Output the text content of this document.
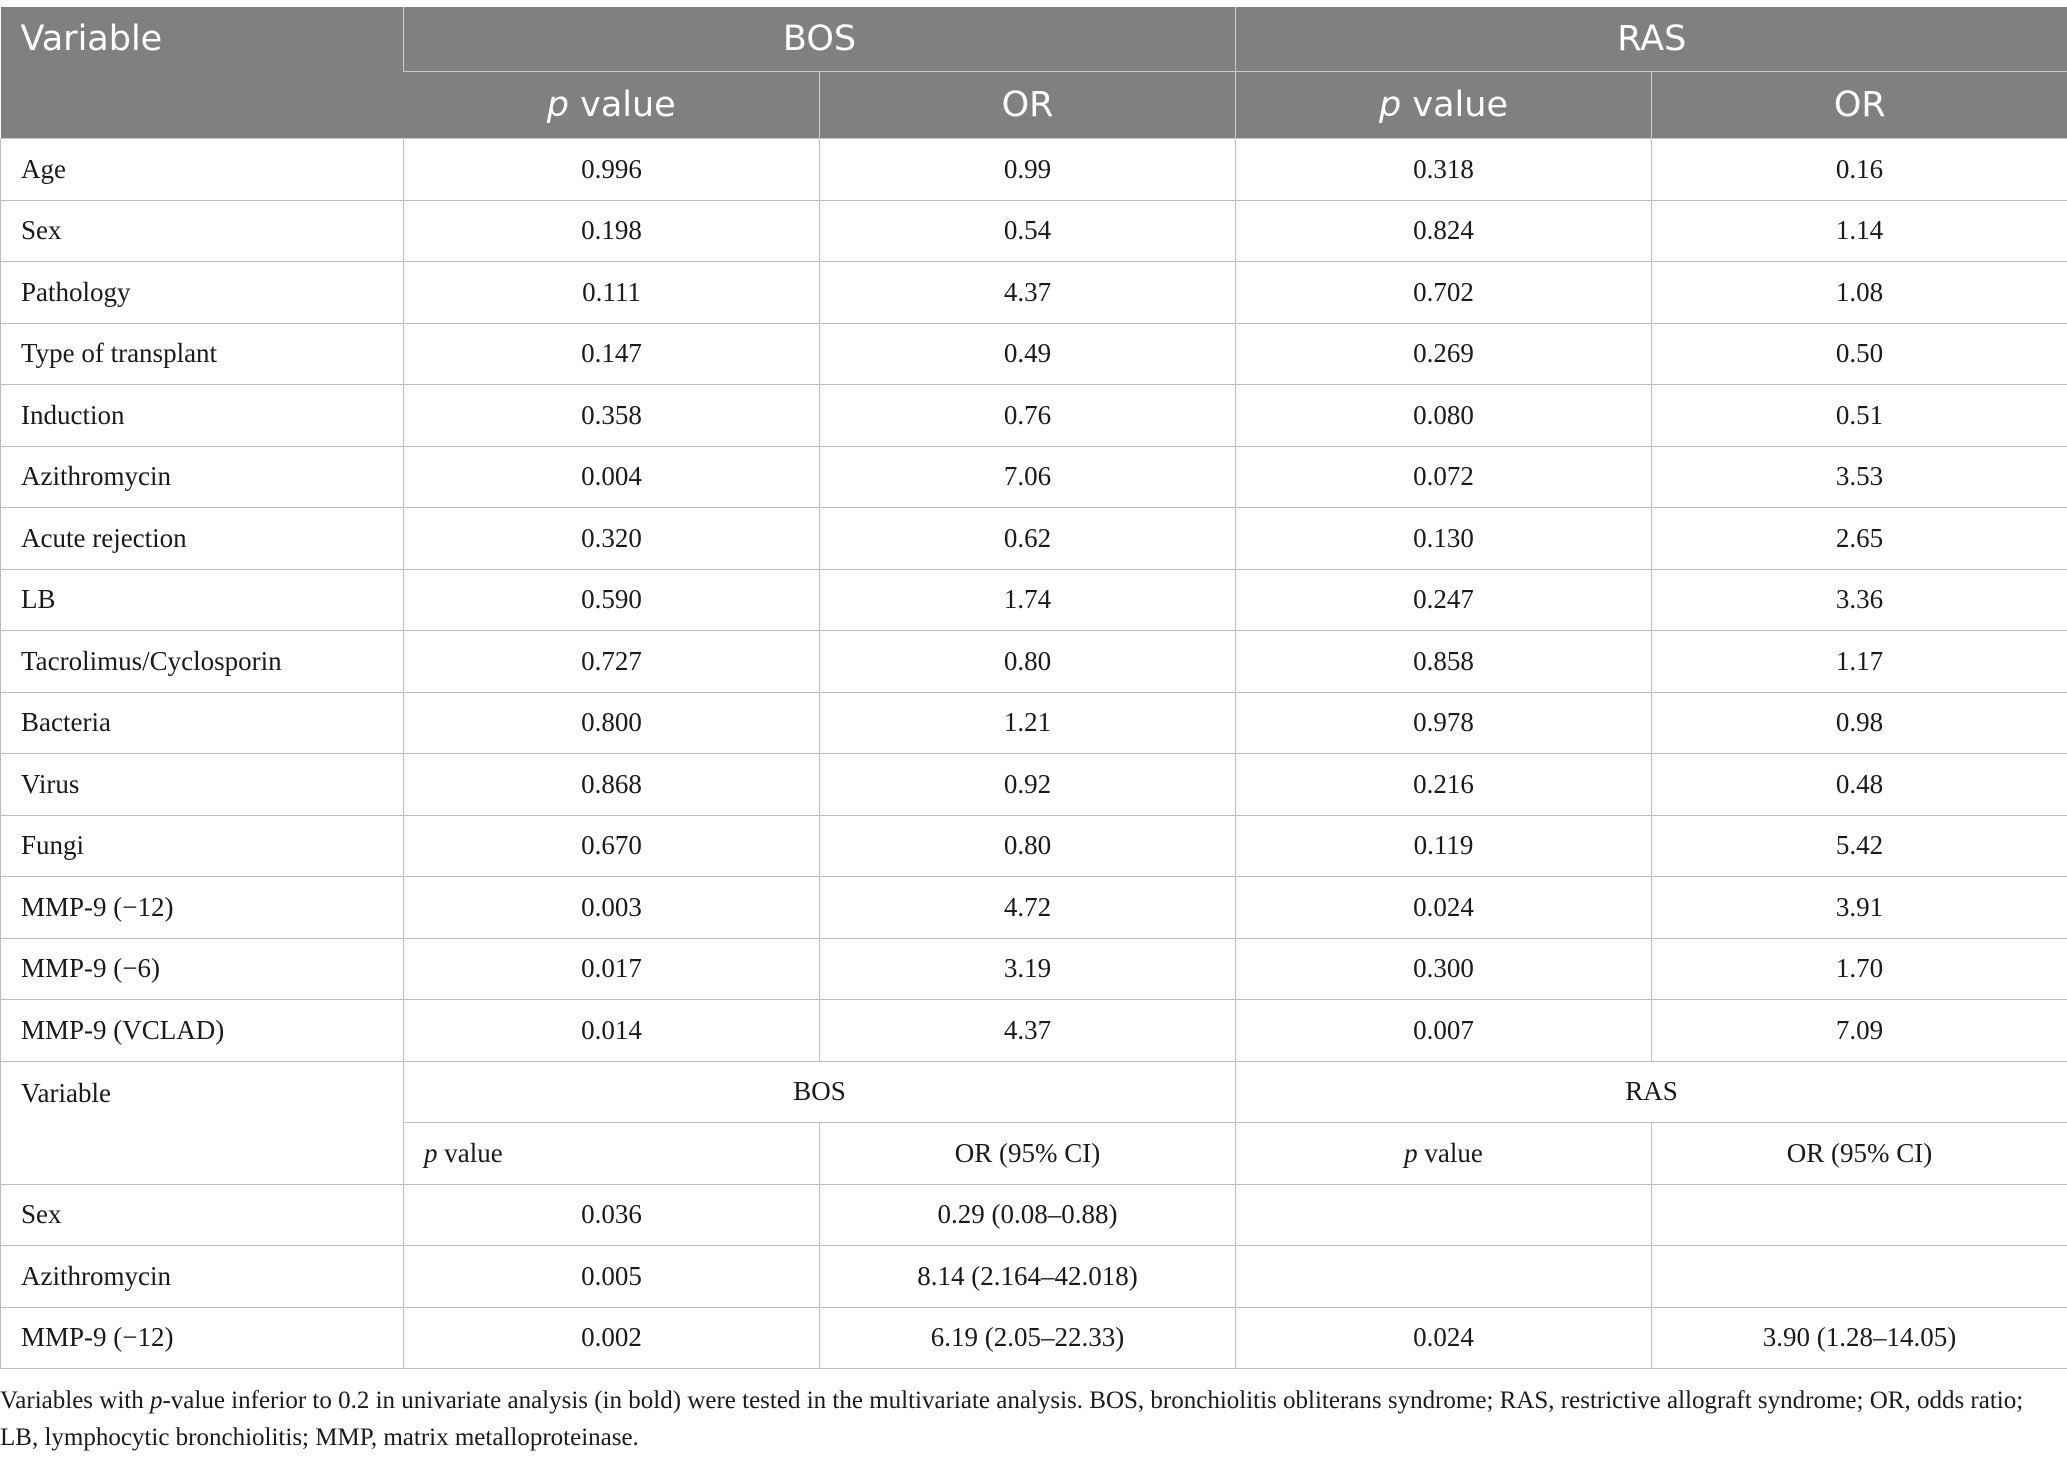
Variable	BOS		RAS	
	p value	OR	p value	OR
Age	0.996	0.99	0.318	0.16
Sex	0.198	0.54	0.824	1.14
Pathology	0.111	4.37	0.702	1.08
Type of transplant	0.147	0.49	0.269	0.50
Induction	0.358	0.76	0.080	0.51
Azithromycin	0.004	7.06	0.072	3.53
Acute rejection	0.320	0.62	0.130	2.65
LB	0.590	1.74	0.247	3.36
Tacrolimus/Cyclosporin	0.727	0.80	0.858	1.17
Bacteria	0.800	1.21	0.978	0.98
Virus	0.868	0.92	0.216	0.48
Fungi	0.670	0.80	0.119	5.42
MMP-9 (−12)	0.003	4.72	0.024	3.91
MMP-9 (−6)	0.017	3.19	0.300	1.70
MMP-9 (VCLAD)	0.014	4.37	0.007	7.09
Variable	BOS		RAS	
	p value	OR (95% CI)	p value	OR (95% CI)
Sex	0.036	0.29 (0.08–0.88)		
Azithromycin	0.005	8.14 (2.164–42.018)		
MMP-9 (−12)	0.002	6.19 (2.05–22.33)	0.024	3.90 (1.28–14.05)

Variables with p-value inferior to 0.2 in univariate analysis (in bold) were tested in the multivariate analysis. BOS, bronchiolitis obliterans syndrome; RAS, restrictive allograft syndrome; OR, odds ratio; LB, lymphocytic bronchiolitis; MMP, matrix metalloproteinase.
